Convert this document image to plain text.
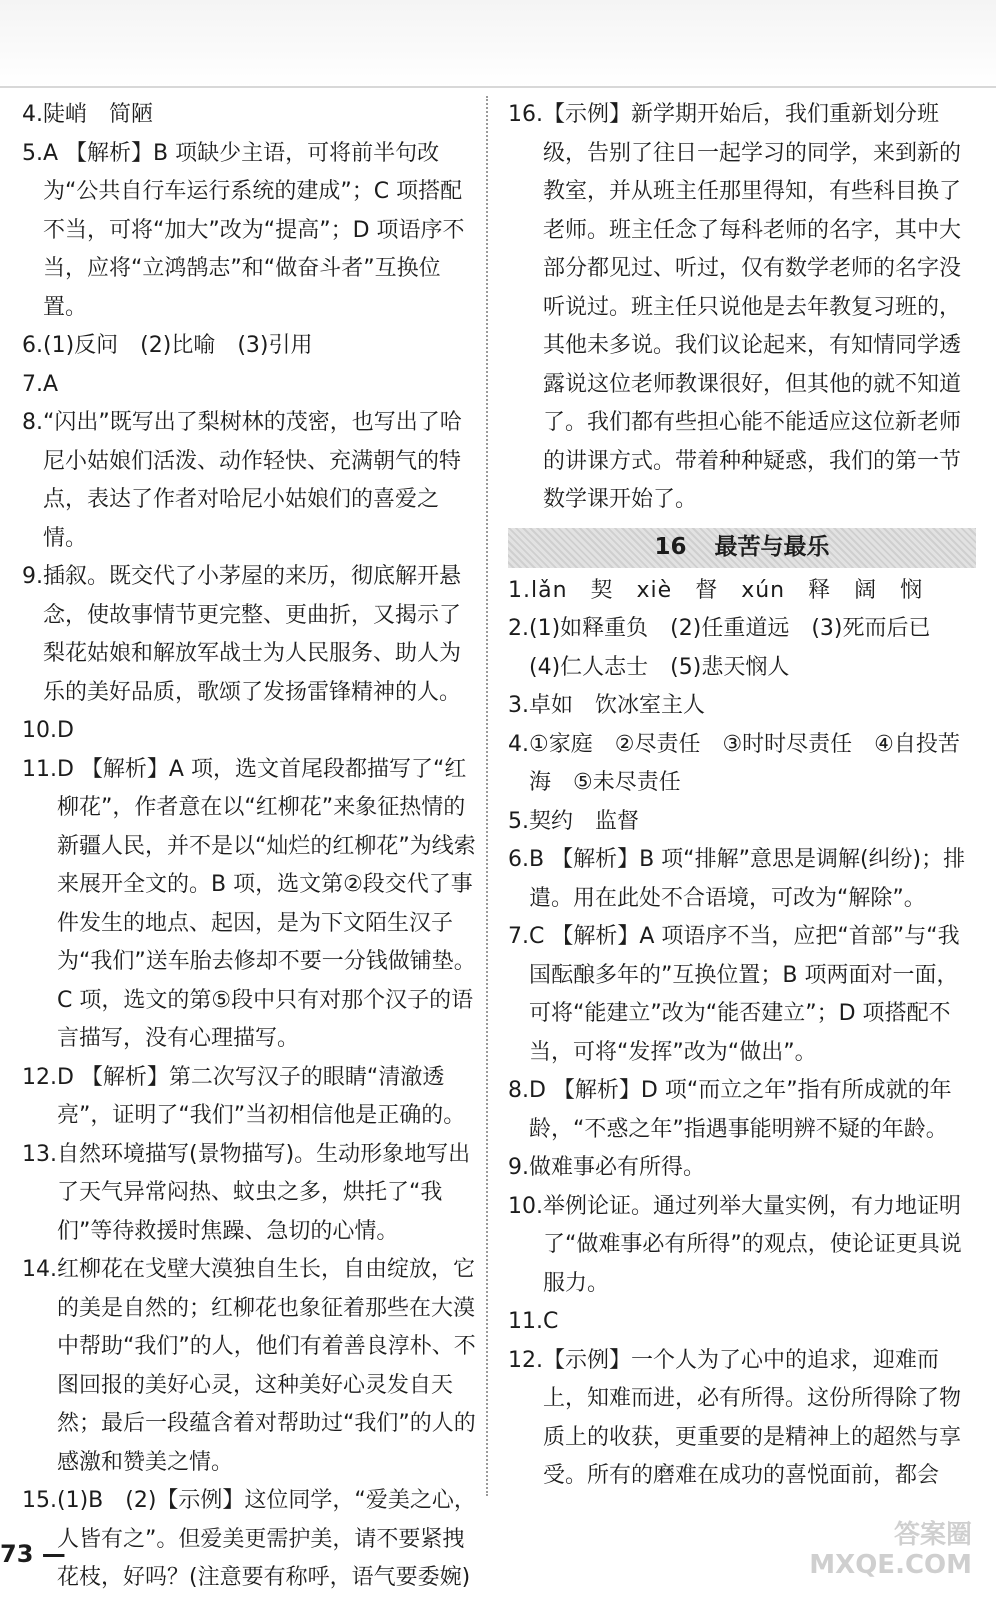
4. 陡峭　简陋
5. A 【解析】B 项缺少主语，可将前半句改为“公共自行车运行系统的建成”；C 项搭配不当，可将“加大”改为“提高”；D 项语序不当，应将“立鸿鹄志”和“做奋斗者”互换位置。
6. (1)反问　(2)比喻　(3)引用
7. A
8. “闪出”既写出了梨树林的茂密，也写出了哈尼小姑娘们活泼、动作轻快、充满朝气的特点，表达了作者对哈尼小姑娘们的喜爱之情。
9. 插叙。既交代了小茅屋的来历，彻底解开悬念，使故事情节更完整、更曲折，又揭示了梨花姑娘和解放军战士为人民服务、助人为乐的美好品质，歌颂了发扬雷锋精神的人。
10. D
11. D 【解析】A 项，选文首尾段都描写了“红柳花”，作者意在以“红柳花”来象征热情的新疆人民，并不是以“灿烂的红柳花”为线索来展开全文的。B 项，选文第②段交代了事件发生的地点、起因，是为下文陌生汉子为“我们”送车胎去修却不要一分钱做铺垫。C 项，选文的第⑤段中只有对那个汉子的语言描写，没有心理描写。
12. D 【解析】第二次写汉子的眼睛“清澈透亮”，证明了“我们”当初相信他是正确的。
13. 自然环境描写(景物描写)。生动形象地写出了天气异常闷热、蚊虫之多，烘托了“我们”等待救援时焦躁、急切的心情。
14. 红柳花在戈壁大漠独自生长，自由绽放，它的美是自然的；红柳花也象征着那些在大漠中帮助“我们”的人，他们有着善良淳朴、不图回报的美好心灵，这种美好心灵发自天然；最后一段蕴含着对帮助过“我们”的人的感激和赞美之情。
15. (1)B　(2)【示例】这位同学，“爱美之心，人皆有之”。但爱美更需护美，请不要紧拽花枝，好吗？(注意要有称呼，语气要委婉)
16. 【示例】新学期开始后，我们重新划分班级，告别了往日一起学习的同学，来到新的教室，并从班主任那里得知，有些科目换了老师。班主任念了每科老师的名字，其中大部分都见过、听过，仅有数学老师的名字没听说过。班主任只说他是去年教复习班的，其他未多说。我们议论起来，有知情同学透露说这位老师教课很好，但其他的就不知道了。我们都有些担心能不能适应这位新老师的讲课方式。带着种种疑惑，我们的第一节数学课开始了。
16 最苦与最乐
1. lǎn　契　xiè　督　xún　释　阔　悯
2. (1)如释重负　(2)任重道远　(3)死而后已　(4)仁人志士　(5)悲天悯人
3. 卓如　饮冰室主人
4. ①家庭　②尽责任　③时时尽责任　④自投苦海　⑤未尽责任
5. 契约　监督
6. B 【解析】B 项“排解”意思是调解(纠纷)；排遣。用在此处不合语境，可改为“解除”。
7. C 【解析】A 项语序不当，应把“首部”与“我国酝酿多年的”互换位置；B 项两面对一面，可将“能建立”改为“能否建立”；D 项搭配不当，可将“发挥”改为“做出”。
8. D 【解析】D 项“而立之年”指有所成就的年龄，“不惑之年”指遇事能明辨不疑的年龄。
9. 做难事必有所得。
10. 举例论证。通过列举大量实例，有力地证明了“做难事必有所得”的观点，使论证更具说服力。
11. C
12. 【示例】一个人为了心中的追求，迎难而上，知难而进，必有所得。这份所得除了物质上的收获，更重要的是精神上的超然与享受。所有的磨难在成功的喜悦面前，都会
73 —
答案圈
MXQE.COM
